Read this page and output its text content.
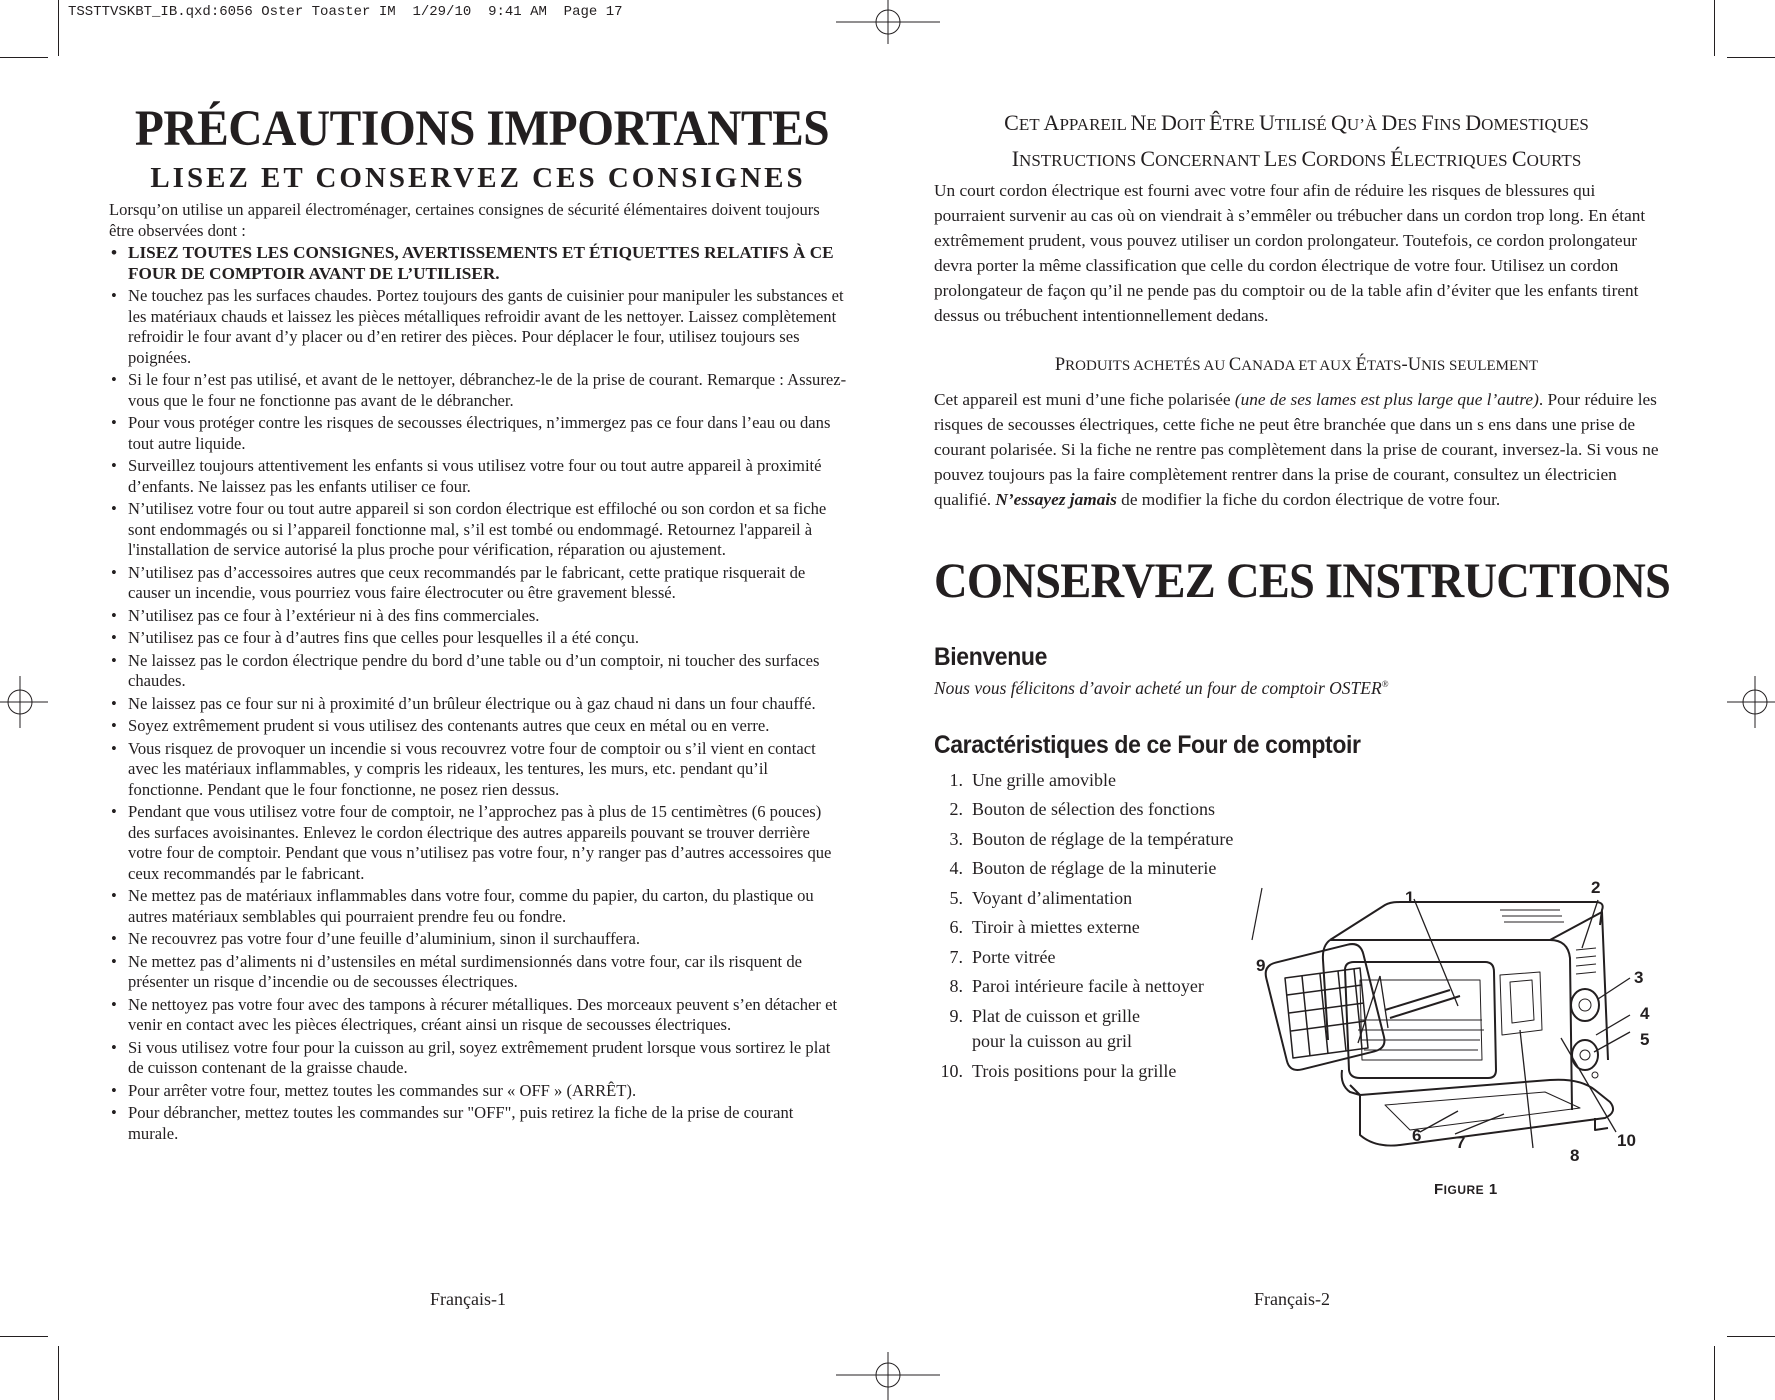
TSSTTVSKBT_IB.qxd:6056 Oster Toaster IM  1/29/10  9:41 AM  Page 17
PRÉCAUTIONS IMPORTANTES
LISEZ ET CONSERVEZ CES CONSIGNES

Lorsqu’on utilise un appareil électroménager, certaines consignes de sécurité élémentaires doivent toujours être observées dont :

• LISEZ TOUTES LES CONSIGNES, AVERTISSEMENTS ET ÉTIQUETTES RELATIFS À CE FOUR DE COMPTOIR AVANT DE L’UTILISER.
• Ne touchez pas les surfaces chaudes. Portez toujours des gants de cuisinier pour manipuler les substances et les matériaux chauds et laissez les pièces métalliques refroidir avant de les nettoyer. Laissez complètement refroidir le four avant d’y placer ou d’en retirer des pièces. Pour déplacer le four, utilisez toujours ses poignées.
• Si le four n’est pas utilisé, et avant de le nettoyer, débranchez-le de la prise de courant. Remarque : Assurez-vous que le four ne fonctionne pas avant de le débrancher.
• Pour vous protéger contre les risques de secousses électriques, n’immergez pas ce four dans l’eau ou dans tout autre liquide.
• Surveillez toujours attentivement les enfants si vous utilisez votre four ou tout autre appareil à proximité d’enfants. Ne laissez pas les enfants utiliser ce four.
• N’utilisez votre four ou tout autre appareil si son cordon électrique est effiloché ou son cordon et sa fiche sont endommagés ou si l’appareil fonctionne mal, s’il est tombé ou endommagé. Retournez l'appareil à l'installation de service autorisé la plus proche pour vérification, réparation ou ajustement.
• N’utilisez pas d’accessoires autres que ceux recommandés par le fabricant, cette pratique risquerait de causer un incendie, vous pourriez vous faire électrocuter ou être gravement blessé.
• N’utilisez pas ce four à l’extérieur ni à des fins commerciales.
• N’utilisez pas ce four à d’autres fins que celles pour lesquelles il a été conçu.
• Ne laissez pas le cordon électrique pendre du bord d’une table ou d’un comptoir, ni toucher des surfaces chaudes.
• Ne laissez pas ce four sur ni à proximité d’un brûleur électrique ou à gaz chaud ni dans un four chauffé.
• Soyez extrêmement prudent si vous utilisez des contenants autres que ceux en métal ou en verre.
• Vous risquez de provoquer un incendie si vous recouvrez votre four de comptoir ou s’il vient en contact avec les matériaux inflammables, y compris les rideaux, les tentures, les murs, etc. pendant qu’il fonctionne. Pendant que le four fonctionne, ne posez rien dessus.
• Pendant que vous utilisez votre four de comptoir, ne l’approchez pas à plus de 15 centimètres (6 pouces) des surfaces avoisinantes. Enlevez le cordon électrique des autres appareils pouvant se trouver derrière votre four de comptoir. Pendant que vous n’utilisez pas votre four, n’y ranger pas d’autres accessoires que ceux recommandés par le fabricant.
• Ne mettez pas de matériaux inflammables dans votre four, comme du papier, du carton, du plastique ou autres matériaux semblables qui pourraient prendre feu ou fondre.
• Ne recouvrez pas votre four d’une feuille d’aluminium, sinon il surchauffera.
• Ne mettez pas d’aliments ni d’ustensiles en métal surdimensionnés dans votre four, car ils risquent de présenter un risque d’incendie ou de secousses électriques.
• Ne nettoyez pas votre four avec des tampons à récurer métalliques. Des morceaux peuvent s’en détacher et venir en contact avec les pièces électriques, créant ainsi un risque de secousses électriques.
• Si vous utilisez votre four pour la cuisson au gril, soyez extrêmement prudent lorsque vous sortirez le plat de cuisson contenant de la graisse chaude.
• Pour arrêter votre four, mettez toutes les commandes sur « OFF » (ARRÊT).
• Pour débrancher, mettez toutes les commandes sur "OFF", puis retirez la fiche de la prise de courant murale.
Français-1

CET APPAREIL NE DOIT ÊTRE UTILISÉ QU’À DES FINS DOMESTIQUES

INSTRUCTIONS CONCERNANT LES CORDONS ÉLECTRIQUES COURTS

Un court cordon électrique est fourni avec votre four afin de réduire les risques de blessures qui pourraient survenir au cas où on viendrait à s’emmêler ou trébucher dans un cordon trop long. En étant extrêmement prudent, vous pouvez utiliser un cordon prolongateur. Toutefois, ce cordon prolongateur devra porter la même classification que celle du cordon électrique de votre four. Utilisez un cordon prolongateur de façon qu’il ne pende pas du comptoir ou de la table afin d’éviter que les enfants tirent dessus ou trébuchent intentionnellement dedans.

PRODUITS ACHETÉS AU CANADA ET AUX ÉTATS-UNIS SEULEMENT

Cet appareil est muni d’une fiche polarisée (une de ses lames est plus large que l’autre). Pour réduire les risques de secousses électriques, cette fiche ne peut être branchée que dans un s ens dans une prise de courant polarisée. Si la fiche ne rentre pas complètement dans la prise de courant, inversez-la. Si vous ne pouvez toujours pas la faire complètement rentrer dans la prise de courant, consultez un électricien qualifié. N’essayez jamais de modifier la fiche du cordon électrique de votre four.

CONSERVEZ CES INSTRUCTIONS
Bienvenue

Nous vous félicitons d’avoir acheté un four de comptoir OSTER®

Caractéristiques de ce Four de comptoir
1. Une grille amovible
2. Bouton de sélection des fonctions
3. Bouton de réglage de la température
4. Bouton de réglage de la minuterie
5. Voyant d’alimentation
6. Tiroir à miettes externe
7. Porte vitrée
8. Paroi intérieure facile à nettoyer
9. Plat de cuisson et grille
pour la cuisson au gril
10. Trois positions pour la grille
1
2
3
4
5
6 7
8
9
10
FIGURE 1
Français-2
